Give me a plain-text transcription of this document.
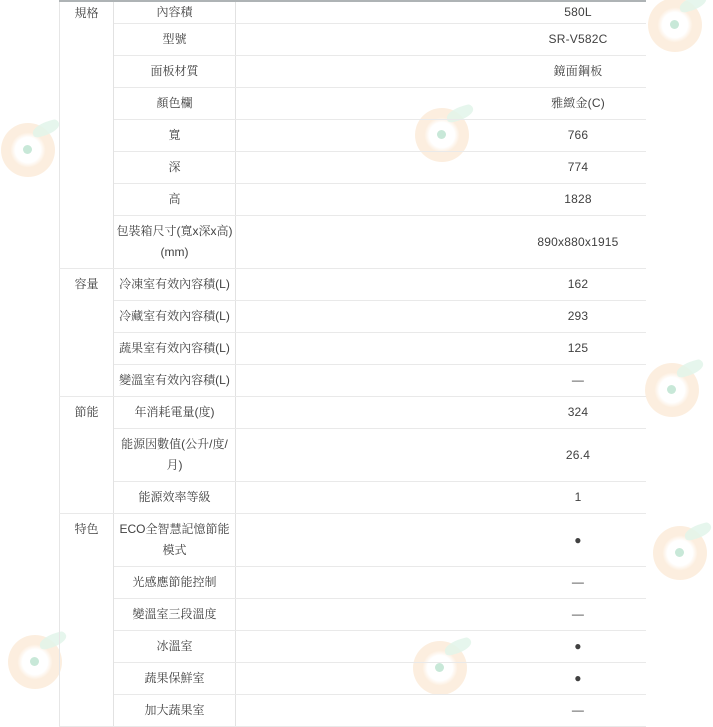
規格	內容積		580L
	型號		SR-V582C
	面板材質		鏡面鋼板
	顏色欄		雅緻金(C)
	寬		766
	深		774
	高		1828
	包裝箱尺寸(寬x深x高)(mm)		890x880x1915
容量	冷凍室有效內容積(L)		162
	冷藏室有效內容積(L)		293
	蔬果室有效內容積(L)		125
	變溫室有效內容積(L)		—
節能	年消耗電量(度)		324
	能源因數值(公升/度/月)		26.4
	能源效率等級		1
特色	ECO全智慧記憶節能模式		●
	光感應節能控制		—
	變溫室三段溫度		—
	冰溫室		●
	蔬果保鮮室		●
	加大蔬果室		—
